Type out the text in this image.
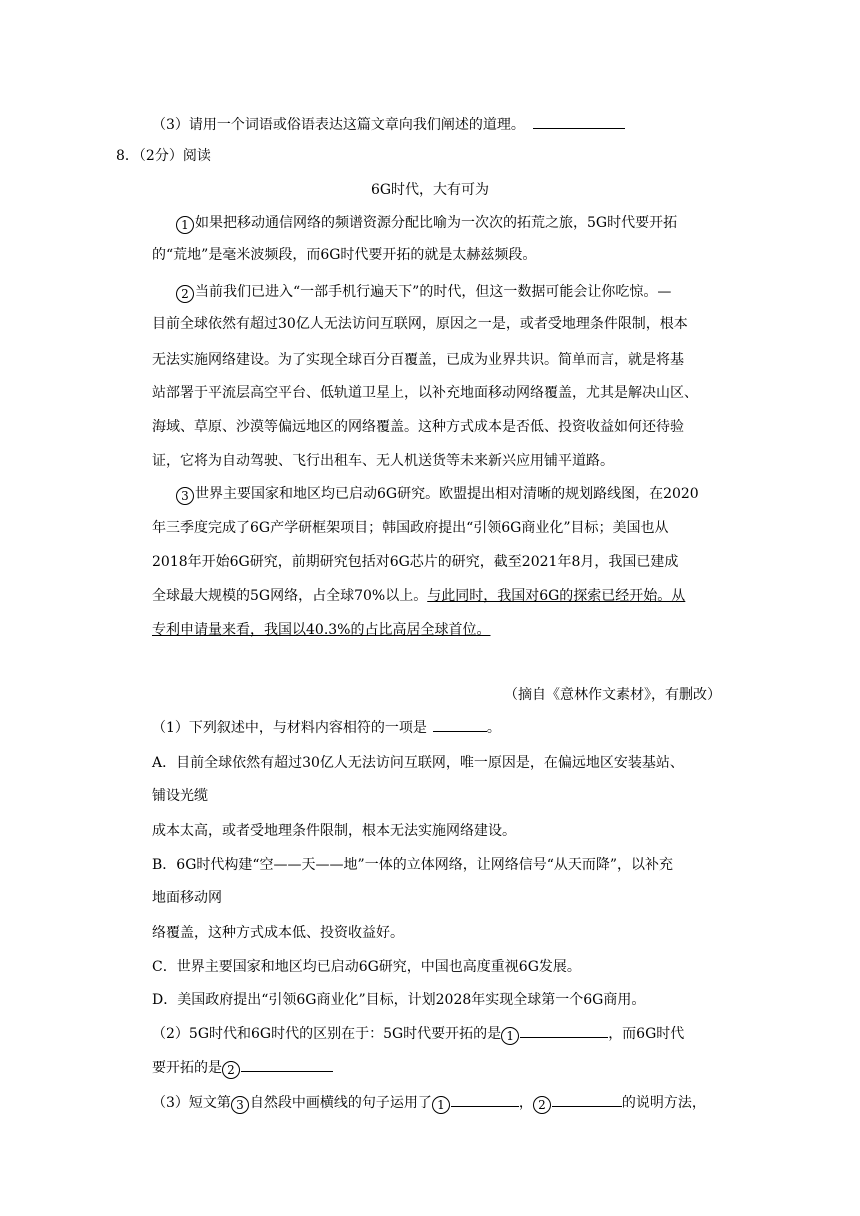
（3）请用一个词语或俗语表达这篇文章向我们阐述的道理。
8．（2分）阅读
6G时代，大有可为
1 如果把移动通信网络的频谱资源分配比喻为一次次的拓荒之旅，5G时代要开拓
的“荒地”是毫米波频段，而6G时代要开拓的就是太赫兹频段。
2 当前我们已进入“一部手机行遍天下”的时代，但这一数据可能会让你吃惊。—
目前全球依然有超过30亿人无法访问互联网，原因之一是，或者受地理条件限制，根本
无法实施网络建设。为了实现全球百分百覆盖，已成为业界共识。简单而言，就是将基
站部署于平流层高空平台、低轨道卫星上，以补充地面移动网络覆盖，尤其是解决山区、
海域、草原、沙漠等偏远地区的网络覆盖。这种方式成本是否低、投资收益如何还待验
证，它将为自动驾驶、飞行出租车、无人机送货等未来新兴应用铺平道路。
3 世界主要国家和地区均已启动6G研究。欧盟提出相对清晰的规划路线图，在2020
年三季度完成了6G产学研框架项目；韩国政府提出“引领6G商业化”目标；美国也从
2018年开始6G研究，前期研究包括对6G芯片的研究，截至2021年8月，我国已建成
全球最大规模的5G网络，占全球70%以上。与此同时，我国对6G的探索已经开始。从
专利申请量来看，我国以40.3%的占比高居全球首位。
（摘自《意林作文素材》，有删改）
（1）下列叙述中，与材料内容相符的一项是	。
A．目前全球依然有超过30亿人无法访问互联网，唯一原因是，在偏远地区安装基站、
铺设光缆
成本太高，或者受地理条件限制，根本无法实施网络建设。
B．6G时代构建“空——天——地”一体的立体网络，让网络信号“从天而降”，以补充
地面移动网
络覆盖，这种方式成本低、投资收益好。
C．世界主要国家和地区均已启动6G研究，中国也高度重视6G发展。
D．美国政府提出“引领6G商业化”目标，计划2028年实现全球第一个6G商用。
（2）5G时代和6G时代的区别在于：5G时代要开拓的是 1	，而6G时代
要开拓的是 2
（3）短文第 3 自然段中画横线的句子运用了 1	， 2	的说明方法，
